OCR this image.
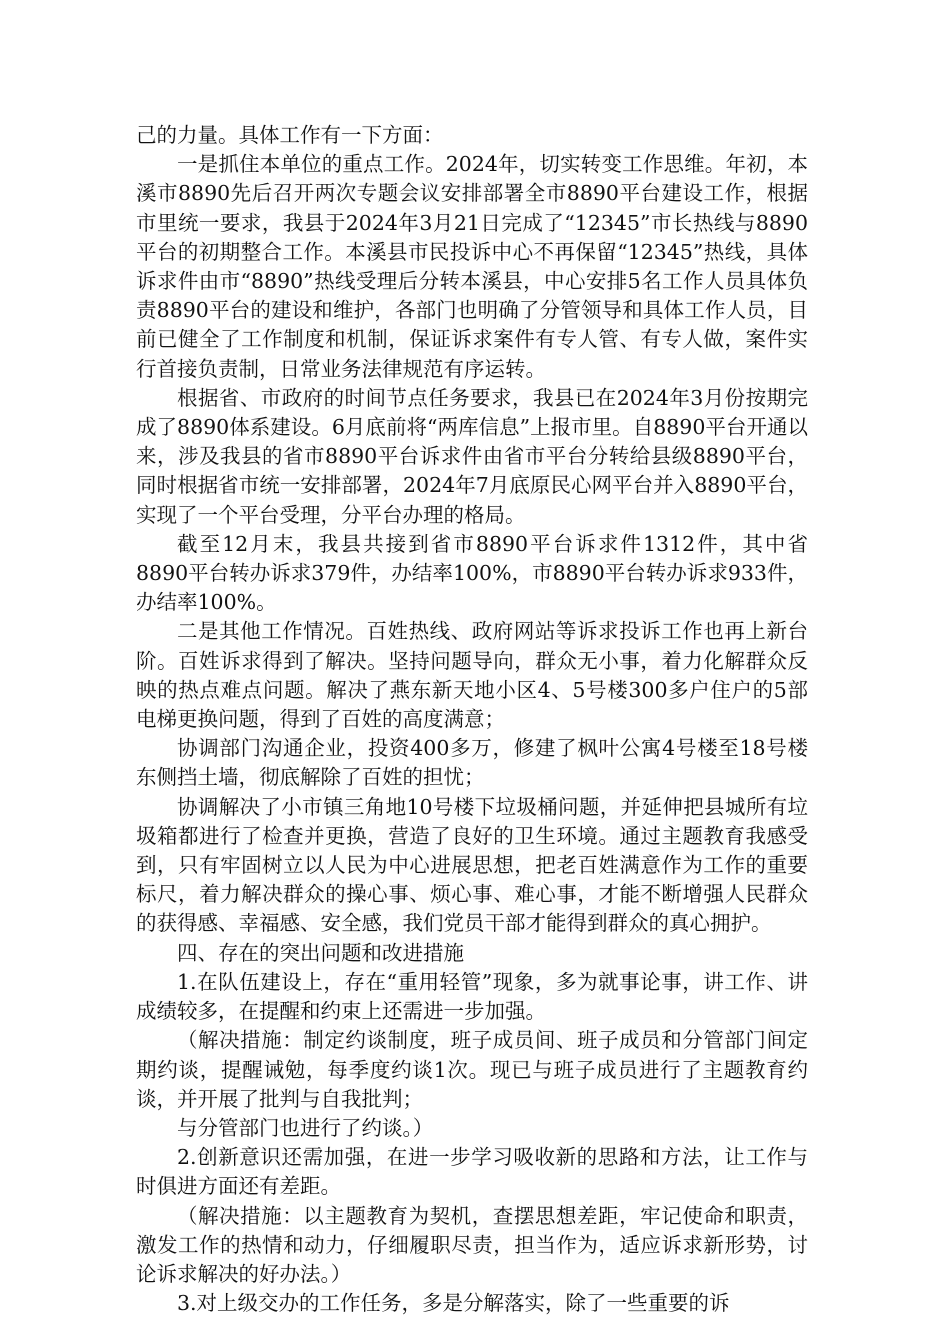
己的力量。具体工作有一下方面：

一是抓住本单位的重点工作。2024年，切实转变工作思维。年初，本溪市8890先后召开两次专题会议安排部署全市8890平台建设工作，根据市里统一要求，我县于2024年3月21日完成了“12345”市长热线与8890平台的初期整合工作。本溪县市民投诉中心不再保留“12345”热线，具体诉求件由市“8890”热线受理后分转本溪县，中心安排5名工作人员具体负责8890平台的建设和维护，各部门也明确了分管领导和具体工作人员，目前已健全了工作制度和机制，保证诉求案件有专人管、有专人做，案件实行首接负责制，日常业务法律规范有序运转。

根据省、市政府的时间节点任务要求，我县已在2024年3月份按期完成了8890体系建设。6月底前将“两库信息”上报市里。自8890平台开通以来，涉及我县的省市8890平台诉求件由省市平台分转给县级8890平台，同时根据省市统一安排部署，2024年7月底原民心网平台并入8890平台，实现了一个平台受理，分平台办理的格局。

截至12月末，我县共接到省市8890平台诉求件1312件，其中省8890平台转办诉求379件，办结率100%，市8890平台转办诉求933件，办结率100%。

二是其他工作情况。百姓热线、政府网站等诉求投诉工作也再上新台阶。百姓诉求得到了解决。坚持问题导向，群众无小事，着力化解群众反映的热点难点问题。解决了燕东新天地小区4、5号楼300多户住户的5部电梯更换问题，得到了百姓的高度满意；

协调部门沟通企业，投资400多万，修建了枫叶公寓4号楼至18号楼东侧挡土墙，彻底解除了百姓的担忧；

协调解决了小市镇三角地10号楼下垃圾桶问题，并延伸把县城所有垃圾箱都进行了检查并更换，营造了良好的卫生环境。通过主题教育我感受到，只有牢固树立以人民为中心进展思想，把老百姓满意作为工作的重要标尺，着力解决群众的操心事、烦心事、难心事，才能不断增强人民群众的获得感、幸福感、安全感，我们党员干部才能得到群众的真心拥护。

四、存在的突出问题和改进措施

1.在队伍建设上，存在“重用轻管”现象，多为就事论事，讲工作、讲成绩较多，在提醒和约束上还需进一步加强。

（解决措施：制定约谈制度，班子成员间、班子成员和分管部门间定期约谈，提醒诫勉，每季度约谈1次。现已与班子成员进行了主题教育约谈，并开展了批判与自我批判；

与分管部门也进行了约谈。）

2.创新意识还需加强，在进一步学习吸收新的思路和方法，让工作与时俱进方面还有差距。

（解决措施：以主题教育为契机，查摆思想差距，牢记使命和职责，激发工作的热情和动力，仔细履职尽责，担当作为，适应诉求新形势，讨论诉求解决的好办法。）

3.对上级交办的工作任务，多是分解落实，除了一些重要的诉
